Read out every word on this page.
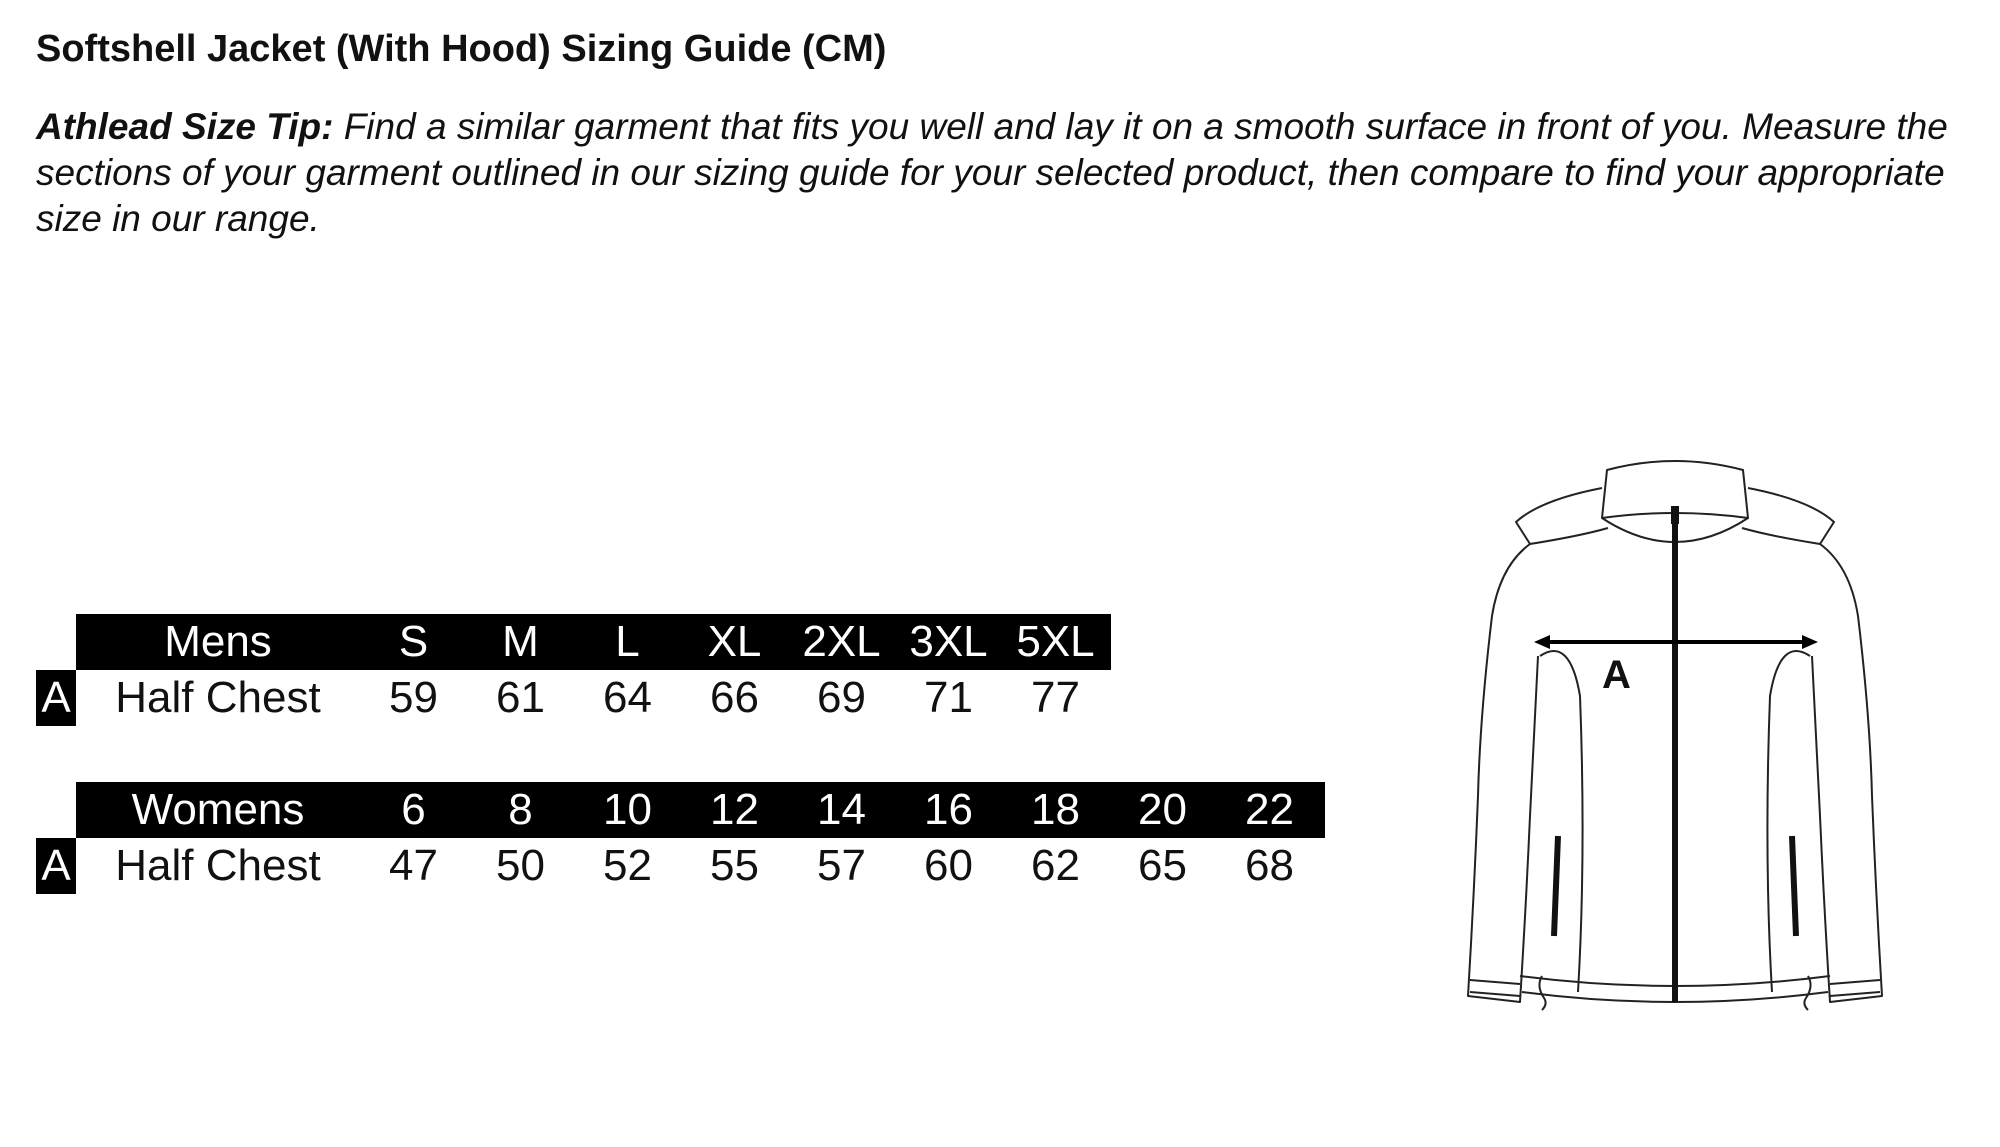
Softshell Jacket (With Hood) Sizing Guide (CM)
Athlead Size Tip: Find a similar garment that fits you well and lay it on a smooth surface in front of you. Measure the sections of your garment outlined in our sizing guide for your selected product, then compare to find your appropriate size in our range.
Mens	S	M	L	XL 2XL 3XL 5XL
A	Half Chest	59	61	64	66	69	71	77
Womens	6	8	10	12	14	16	18	20	22
A	Half Chest	47	50	52	55	57	60	62	65	68
A
